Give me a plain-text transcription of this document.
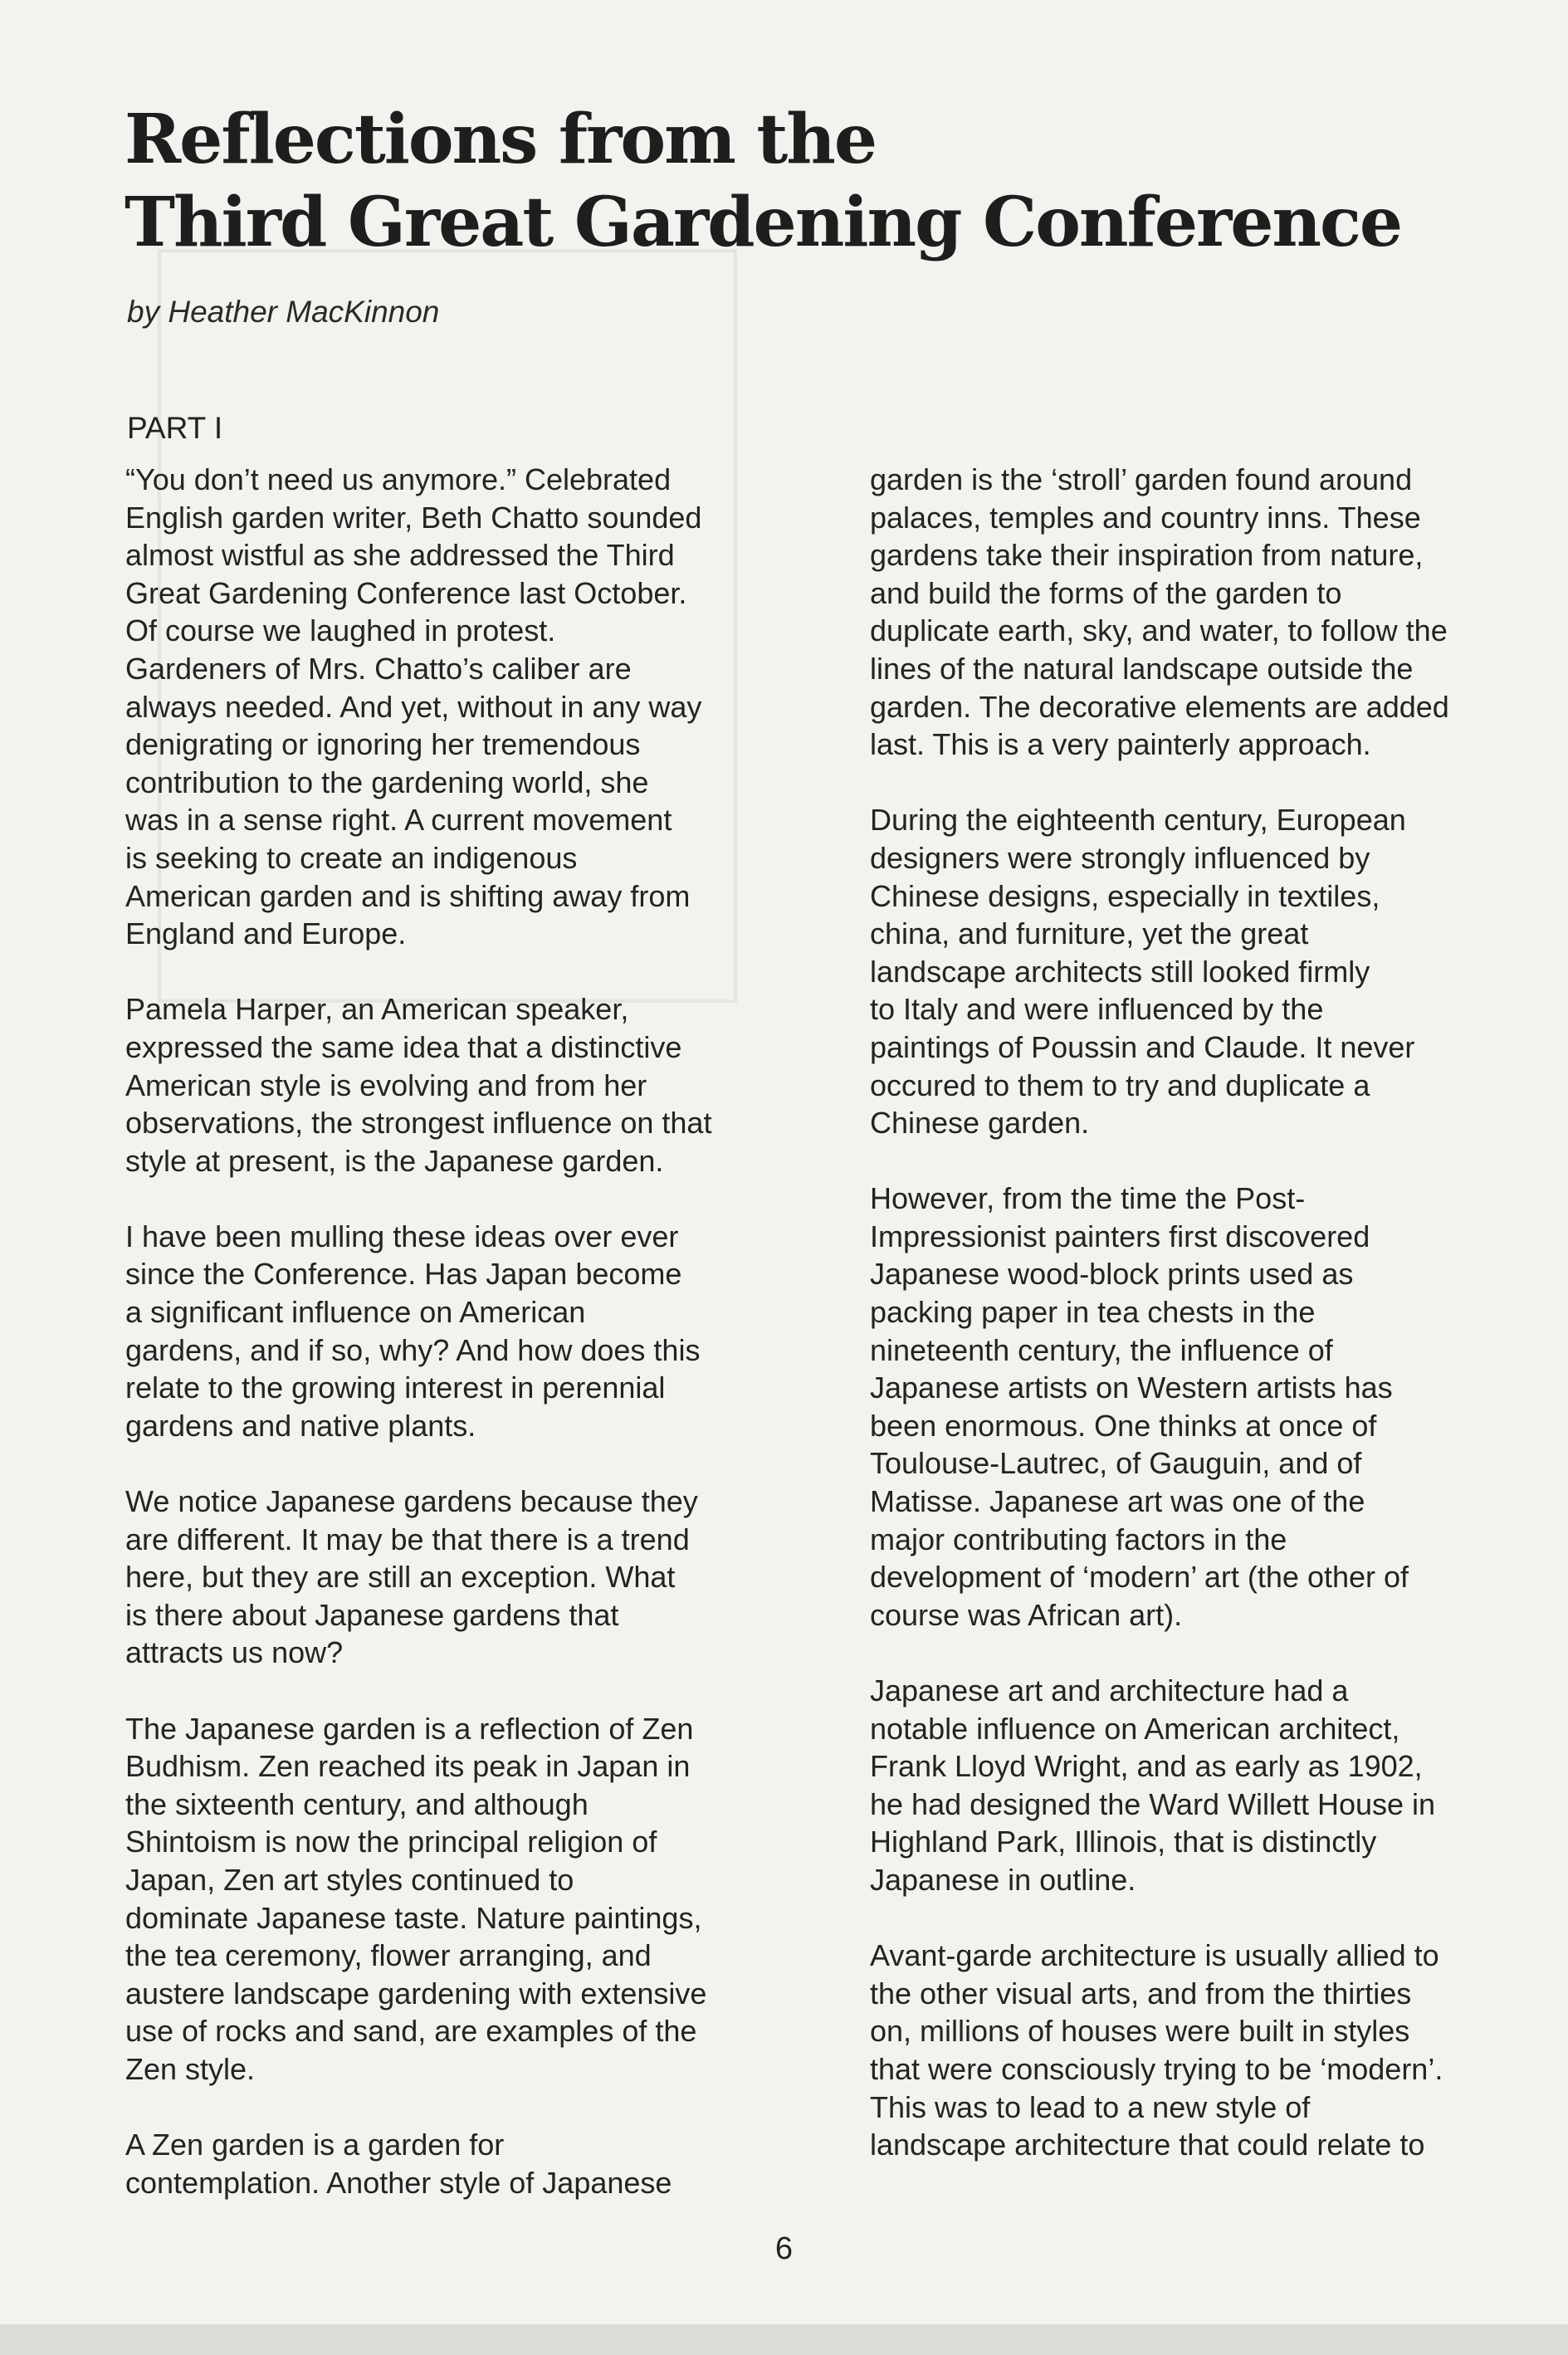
Reflections from the
Third Great Gardening Conference
by Heather MacKinnon
PART I
“You don’t need us anymore.” Celebrated
English garden writer, Beth Chatto sounded
almost wistful as she addressed the Third
Great Gardening Conference last October.
Of course we laughed in protest.
Gardeners of Mrs. Chatto’s caliber are
always needed. And yet, without in any way
denigrating or ignoring her tremendous
contribution to the gardening world, she
was in a sense right. A current movement
is seeking to create an indigenous
American garden and is shifting away from
England and Europe.
Pamela Harper, an American speaker,
expressed the same idea that a distinctive
American style is evolving and from her
observations, the strongest influence on that
style at present, is the Japanese garden.
I have been mulling these ideas over ever
since the Conference. Has Japan become
a significant influence on American
gardens, and if so, why? And how does this
relate to the growing interest in perennial
gardens and native plants.
We notice Japanese gardens because they
are different. It may be that there is a trend
here, but they are still an exception. What
is there about Japanese gardens that
attracts us now?
The Japanese garden is a reflection of Zen
Budhism. Zen reached its peak in Japan in
the sixteenth century, and although
Shintoism is now the principal religion of
Japan, Zen art styles continued to
dominate Japanese taste. Nature paintings,
the tea ceremony, flower arranging, and
austere landscape gardening with extensive
use of rocks and sand, are examples of the
Zen style.
A Zen garden is a garden for
contemplation. Another style of Japanese
garden is the ‘stroll’ garden found around
palaces, temples and country inns. These
gardens take their inspiration from nature,
and build the forms of the garden to
duplicate earth, sky, and water, to follow the
lines of the natural landscape outside the
garden. The decorative elements are added
last. This is a very painterly approach.
During the eighteenth century, European
designers were strongly influenced by
Chinese designs, especially in textiles,
china, and furniture, yet the great
landscape architects still looked firmly
to Italy and were influenced by the
paintings of Poussin and Claude. It never
occured to them to try and duplicate a
Chinese garden.
However, from the time the Post-
Impressionist painters first discovered
Japanese wood-block prints used as
packing paper in tea chests in the
nineteenth century, the influence of
Japanese artists on Western artists has
been enormous. One thinks at once of
Toulouse-Lautrec, of Gauguin, and of
Matisse. Japanese art was one of the
major contributing factors in the
development of ‘modern’ art (the other of
course was African art).
Japanese art and architecture had a
notable influence on American architect,
Frank Lloyd Wright, and as early as 1902,
he had designed the Ward Willett House in
Highland Park, Illinois, that is distinctly
Japanese in outline.
Avant-garde architecture is usually allied to
the other visual arts, and from the thirties
on, millions of houses were built in styles
that were consciously trying to be ‘modern’.
This was to lead to a new style of
landscape architecture that could relate to
6
